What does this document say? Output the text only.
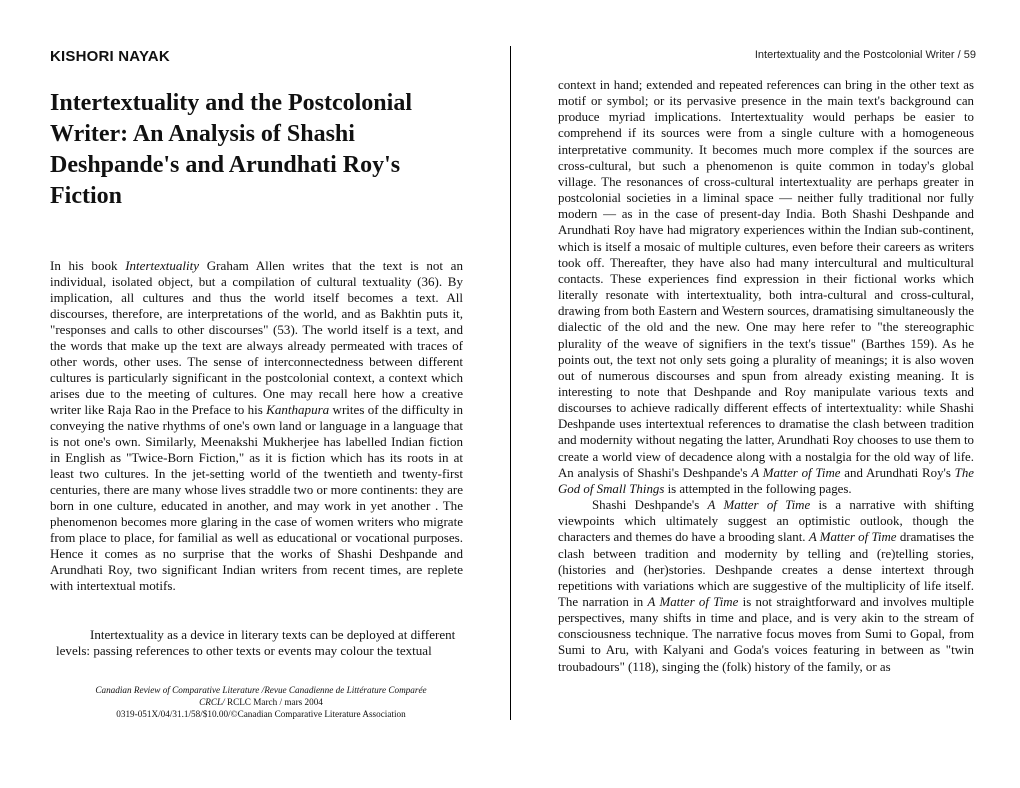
KISHORI NAYAK
Intertextuality and the Postcolonial Writer: An Analysis of Shashi Deshpande's and Arundhati Roy's Fiction

In his book Intertextuality Graham Allen writes that the text is not an individual, isolated object, but a compilation of cultural textuality (36). By implication, all cultures and thus the world itself becomes a text. All discourses, therefore, are interpretations of the world, and as Bakhtin puts it, "responses and calls to other discourses" (53). The world itself is a text, and the words that make up the text are always already permeated with traces of other words, other uses. The sense of interconnectedness between different cultures is particularly significant in the postcolonial context, a context which arises due to the meeting of cultures. One may recall here how a creative writer like Raja Rao in the Preface to his Kanthapura writes of the difficulty in conveying the native rhythms of one's own land or language in a language that is not one's own. Similarly, Meenakshi Mukherjee has labelled Indian fiction in English as "Twice-Born Fiction," as it is fiction which has its roots in at least two cultures. In the jet-setting world of the twentieth and twenty-first centuries, there are many whose lives straddle two or more continents: they are born in one culture, educated in another, and may work in yet another . The phenomenon becomes more glaring in the case of women writers who migrate from place to place, for familial as well as educational or vocational purposes. Hence it comes as no surprise that the works of Shashi Deshpande and Arundhati Roy, two significant Indian writers from recent times, are replete with intertextual motifs.

Intertextuality as a device in literary texts can be deployed at different levels: passing references to other texts or events may colour the textual

Canadian Review of Comparative Literature /Revue Canadienne de Littérature Comparée
CRCL/ RCLC March / mars 2004
0319-051X/04/31.1/58/$10.00/©Canadian Comparative Literature Association
Intertextuality and the Postcolonial Writer / 59

context in hand; extended and repeated references can bring in the other text as motif or symbol; or its pervasive presence in the main text's background can produce myriad implications. Intertextuality would perhaps be easier to comprehend if its sources were from a single culture with a homogeneous interpretative community. It becomes much more complex if the sources are cross-cultural, but such a phenomenon is quite common in today's global village. The resonances of cross-cultural intertextuality are perhaps greater in postcolonial societies in a liminal space — neither fully traditional nor fully modern — as in the case of present-day India. Both Shashi Deshpande and Arundhati Roy have had migratory experiences within the Indian sub-continent, which is itself a mosaic of multiple cultures, even before their careers as writers took off. Thereafter, they have also had many intercultural and multicultural contacts. These experiences find expression in their fictional works which literally resonate with intertextuality, both intra-cultural and cross-cultural, drawing from both Eastern and Western sources, dramatising simultaneously the dialectic of the old and the new. One may here refer to "the stereographic plurality of the weave of signifiers in the text's tissue" (Barthes 159). As he points out, the text not only sets going a plurality of meanings; it is also woven out of numerous discourses and spun from already existing meaning. It is interesting to note that Deshpande and Roy manipulate various texts and discourses to achieve radically different effects of intertextuality: while Shashi Deshpande uses intertextual references to dramatise the clash between tradition and modernity without negating the latter, Arundhati Roy chooses to use them to create a world view of decadence along with a nostalgia for the old way of life. An analysis of Shashi's Deshpande's A Matter of Time and Arundhati Roy's The God of Small Things is attempted in the following pages.

Shashi Deshpande's A Matter of Time is a narrative with shifting viewpoints which ultimately suggest an optimistic outlook, though the characters and themes do have a brooding slant. A Matter of Time dramatises the clash between tradition and modernity by telling and (re)telling stories, (histories and (her)stories. Deshpande creates a dense intertext through repetitions with variations which are suggestive of the multiplicity of life itself. The narration in A Matter of Time is not straightforward and involves multiple perspectives, many shifts in time and place, and is very akin to the stream of consciousness technique. The narrative focus moves from Sumi to Gopal, from Sumi to Aru, with Kalyani and Goda's voices featuring in between as "twin troubadours" (118), singing the (folk) history of the family, or as
